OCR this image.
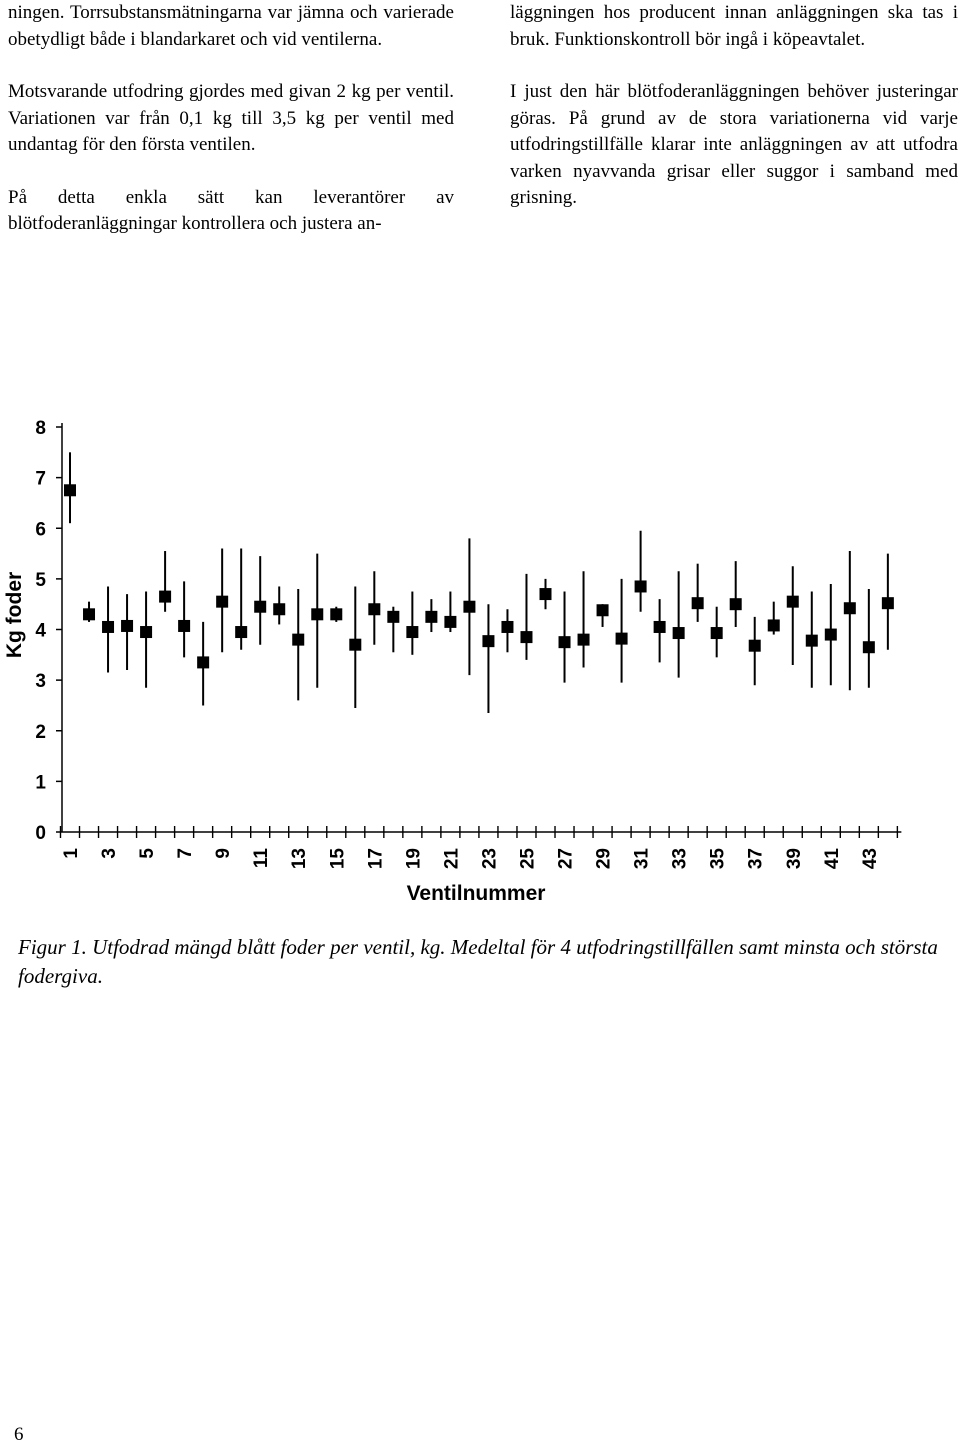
ningen. Torrsubstansmätningarna var jämna och varierade obetydligt både i blandarkaret och vid ventilerna.

Motsvarande utfodring gjordes med givan 2 kg per ventil. Variationen var från 0,1 kg till 3,5 kg per ventil med undantag för den första ventilen.

På detta enkla sätt kan leverantörer av blötfoderanläggningar kontrollera och justera an-

läggningen hos producent innan anläggningen ska tas i bruk. Funktionskontroll bör ingå i köpeavtalet.

I just den här blötfoderanläggningen behöver justeringar göras. På grund av de stora variationerna vid varje utfodringstillfälle klarar inte anläggningen av att utfodra varken nyavvanda grisar eller suggor i samband med grisning.

0
1
2
3
4
5
6
7
8
1 3 5 7 9 11 13 15 17 19 21 23 25 27 29 31 33 35 37 39 41 43
Kg foder
Ventilnummer
Figur 1. Utfodrad mängd blått foder per ventil, kg. Medeltal för 4 utfodringstillfällen samt minsta och största fodergiva.
6
